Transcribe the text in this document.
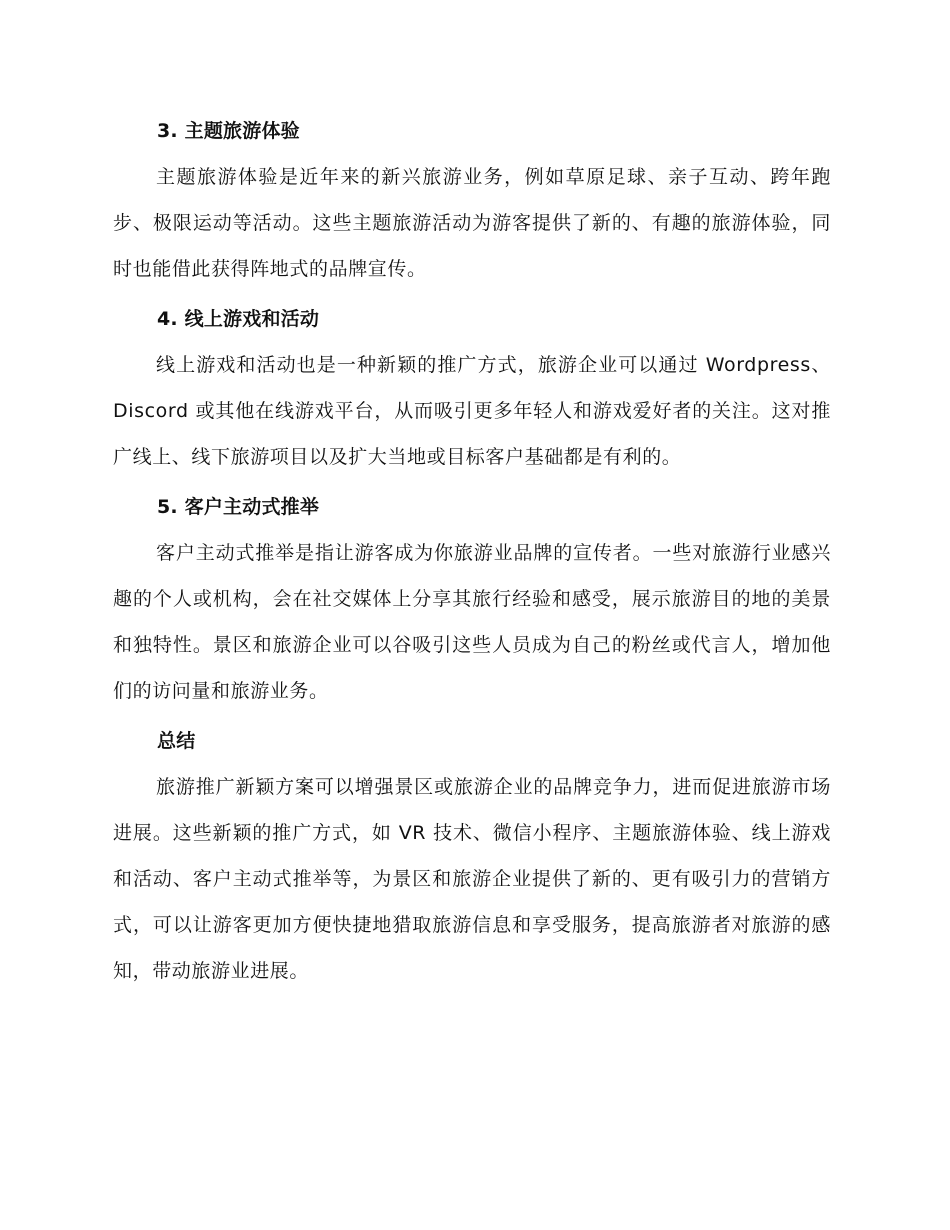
3. 主题旅游体验

主题旅游体验是近年来的新兴旅游业务，例如草原足球、亲子互动、跨年跑步、极限运动等活动。这些主题旅游活动为游客提供了新的、有趣的旅游体验，同时也能借此获得阵地式的品牌宣传。

4. 线上游戏和活动

线上游戏和活动也是一种新颖的推广方式，旅游企业可以通过 Wordpress、Discord 或其他在线游戏平台，从而吸引更多年轻人和游戏爱好者的关注。这对推广线上、线下旅游项目以及扩大当地或目标客户基础都是有利的。

5. 客户主动式推举

客户主动式推举是指让游客成为你旅游业品牌的宣传者。一些对旅游行业感兴趣的个人或机构，会在社交媒体上分享其旅行经验和感受，展示旅游目的地的美景和独特性。景区和旅游企业可以谷吸引这些人员成为自己的粉丝或代言人，增加他们的访问量和旅游业务。

总结

旅游推广新颖方案可以增强景区或旅游企业的品牌竞争力，进而促进旅游市场进展。这些新颖的推广方式，如 VR 技术、微信小程序、主题旅游体验、线上游戏和活动、客户主动式推举等，为景区和旅游企业提供了新的、更有吸引力的营销方式，可以让游客更加方便快捷地猎取旅游信息和享受服务，提高旅游者对旅游的感知，带动旅游业进展。
